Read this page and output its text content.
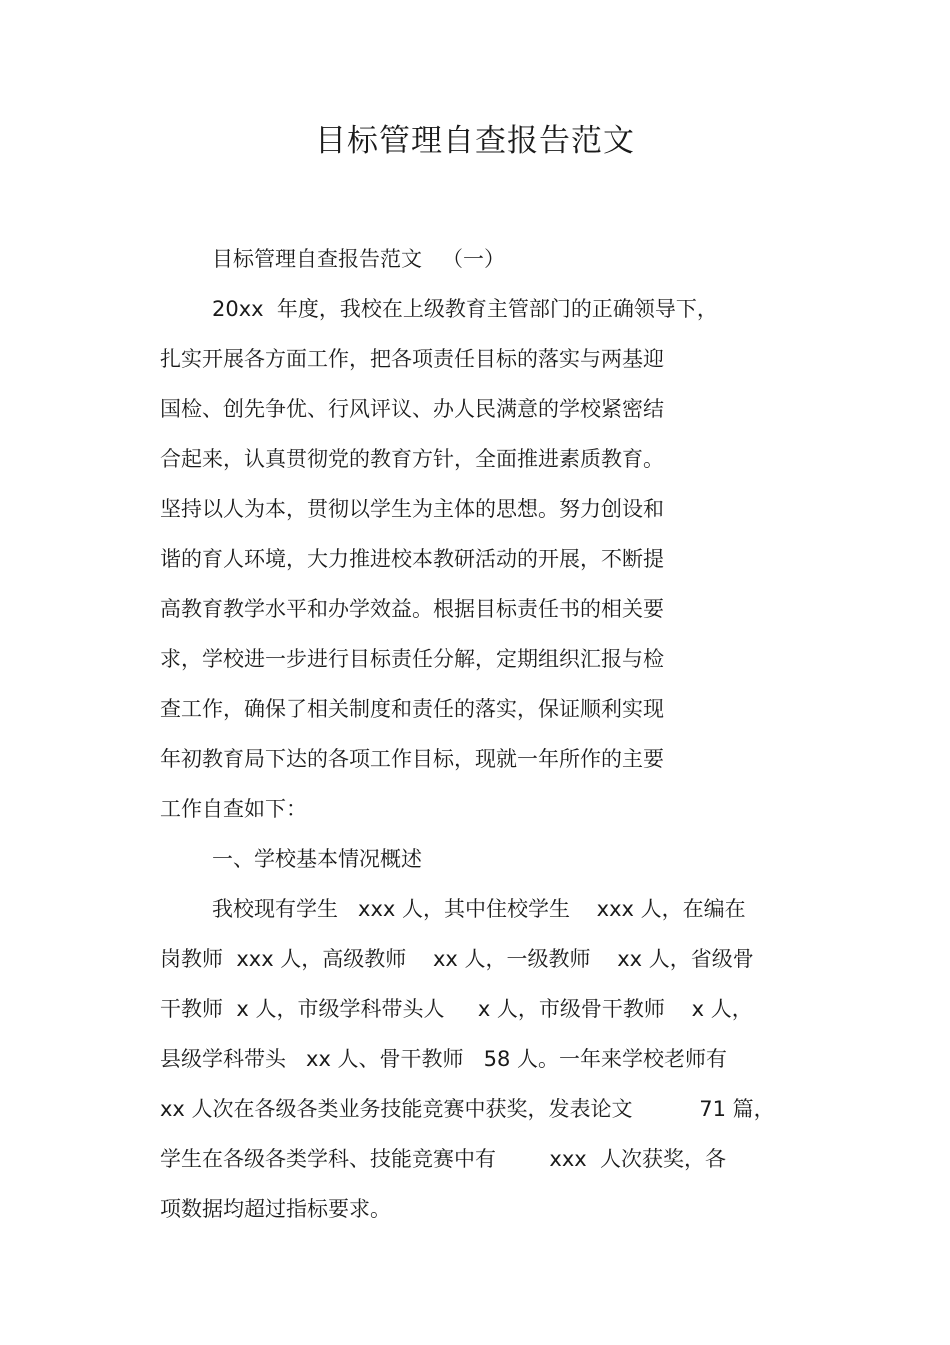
目标管理自查报告范文
目标管理自查报告范文   （一）
20xx  年度，我校在上级教育主管部门的正确领导下，
扎实开展各方面工作，把各项责任目标的落实与两基迎
国检、创先争优、行风评议、办人民满意的学校紧密结
合起来，认真贯彻党的教育方针，全面推进素质教育。
坚持以人为本，贯彻以学生为主体的思想。努力创设和
谐的育人环境，大力推进校本教研活动的开展，不断提
高教育教学水平和办学效益。根据目标责任书的相关要
求，学校进一步进行目标责任分解，定期组织汇报与检
查工作，确保了相关制度和责任的落实，保证顺利实现
年初教育局下达的各项工作目标，现就一年所作的主要
工作自查如下：
一、学校基本情况概述
我校现有学生   xxx 人，其中住校学生    xxx 人，在编在
岗教师  xxx 人，高级教师    xx 人，一级教师    xx 人，省级骨
干教师  x 人，市级学科带头人     x 人，市级骨干教师    x 人，
县级学科带头   xx 人、骨干教师   58 人。一年来学校老师有
xx 人次在各级各类业务技能竞赛中获奖，发表论文          71 篇，
学生在各级各类学科、技能竞赛中有        xxx  人次获奖，各
项数据均超过指标要求。
